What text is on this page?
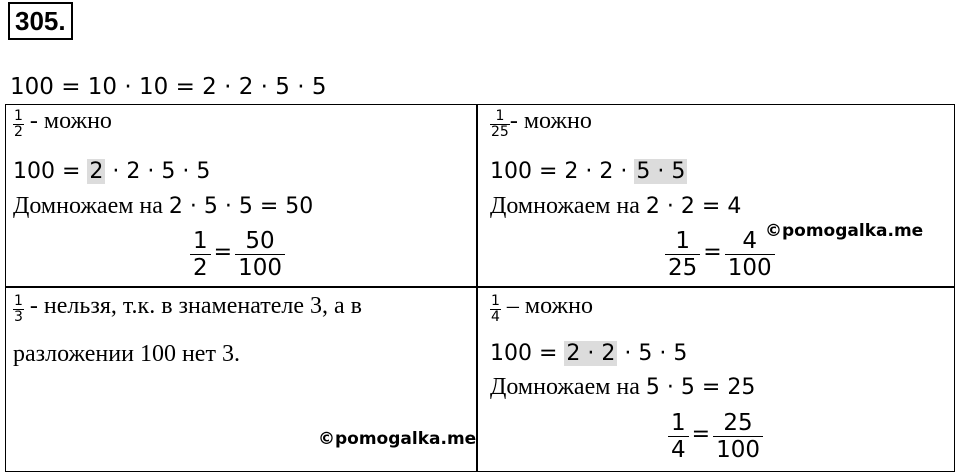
305.
100 = 10 · 10 = 2 · 2 · 5 · 5
$\frac{1}{2}$ - можно
100 = 2 · 2 · 5 · 5
Домножаем на 2 · 5 · 5 = 50
$\frac{1}{2} = \frac{50}{100}$
$\frac{1}{25}$ - можно
100 = 2 · 2 · 5 · 5
Домножаем на 2 · 2 = 4
$\frac{1}{25} = \frac{4}{100}$
$\frac{1}{3}$ - нельзя, т.к. в знаменателе 3, а в
разложении 100 нет 3.
$\frac{1}{4}$ – можно
100 = 2 · 2 · 5 · 5
Домножаем на 5 · 5 = 25
$\frac{1}{4} = \frac{25}{100}$
©pomogalka.me
©pomogalka.me
